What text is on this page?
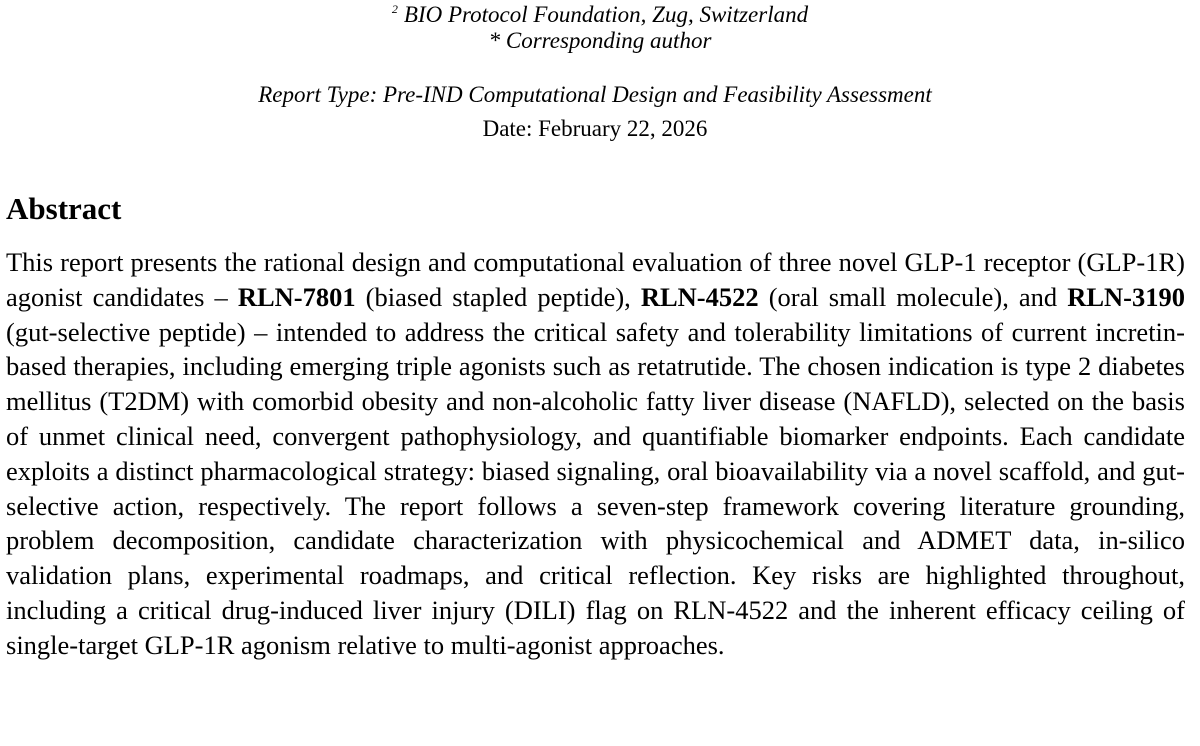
$^2$ BIO Protocol Foundation, Zug, Switzerland
* Corresponding author
Report Type: Pre-IND Computational Design and Feasibility Assessment
Date: February 22, 2026
Abstract

This report presents the rational design and computational evaluation of three novel GLP-1 receptor (GLP-1R) agonist candidates – RLN-7801 (biased stapled peptide), RLN-4522 (oral small molecule), and RLN-3190 (gut-selective peptide) – intended to address the critical safety and tolerability limitations of current incretin-based therapies, including emerging triple agonists such as retatrutide. The chosen indication is type 2 diabetes mellitus (T2DM) with comorbid obesity and non-alcoholic fatty liver disease (NAFLD), selected on the basis of unmet clinical need, convergent pathophysiology, and quantifiable biomarker endpoints. Each candidate exploits a distinct pharmacological strategy: biased signaling, oral bioavailability via a novel scaffold, and gut-selective action, respectively. The report follows a seven-step framework covering literature grounding, problem decomposition, candidate characterization with physicochemical and ADMET data, in-silico validation plans, experimental roadmaps, and critical reflection. Key risks are highlighted throughout, including a critical drug-induced liver injury (DILI) flag on RLN-4522 and the inherent efficacy ceiling of single-target GLP-1R agonism relative to multi-agonist approaches.
